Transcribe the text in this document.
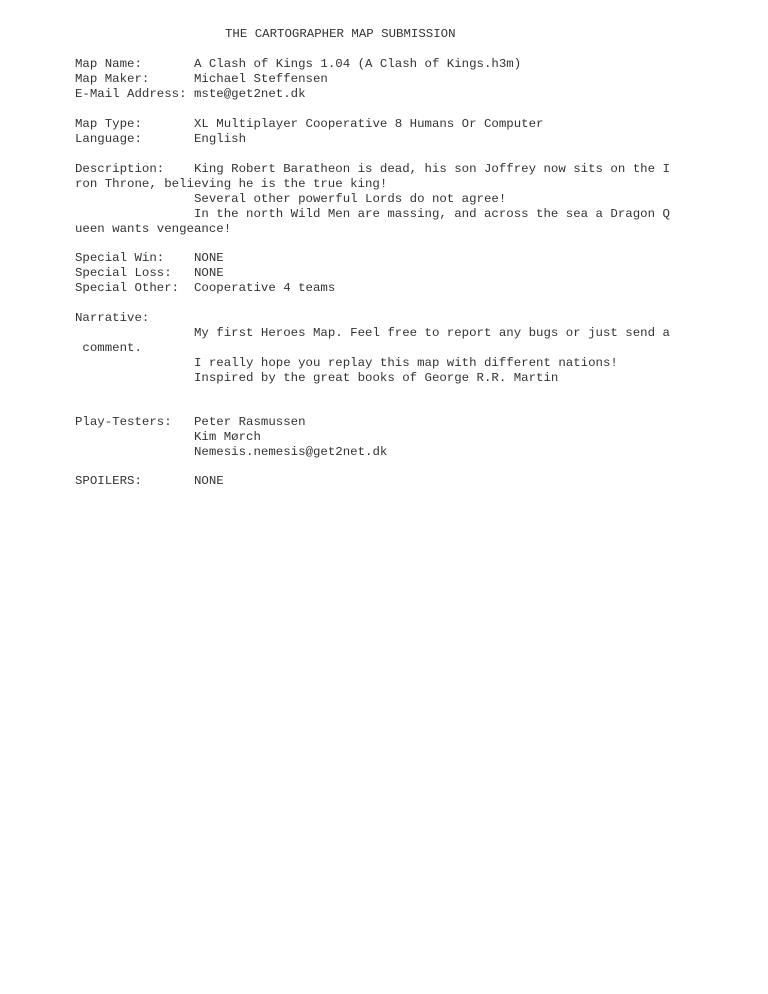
THE CARTOGRAPHER MAP SUBMISSION
Map Name:	A Clash of Kings 1.04 (A Clash of Kings.h3m)
Map Maker:	Michael Steffensen
E-Mail Address: mste@get2net.dk
Map Type:	XL Multiplayer Cooperative 8 Humans Or Computer
Language:	English
Description: King Robert Baratheon is dead, his son Joffrey now sits on the I
ron Throne, believing he is the true king!
Several other powerful Lords do not agree!
In the north Wild Men are massing, and across the sea a Dragon Q
ueen wants vengeance!
Special Win: NONE
Special Loss: NONE
Special Other: Cooperative 4 teams
Narrative:
My first Heroes Map. Feel free to report any bugs or just send a
comment.
I really hope you replay this map with different nations!
Inspired by the great books of George R.R. Martin
Play-Testers: Peter Rasmussen
Kim Mørch
Nemesis.nemesis@get2net.dk
SPOILERS:	NONE
